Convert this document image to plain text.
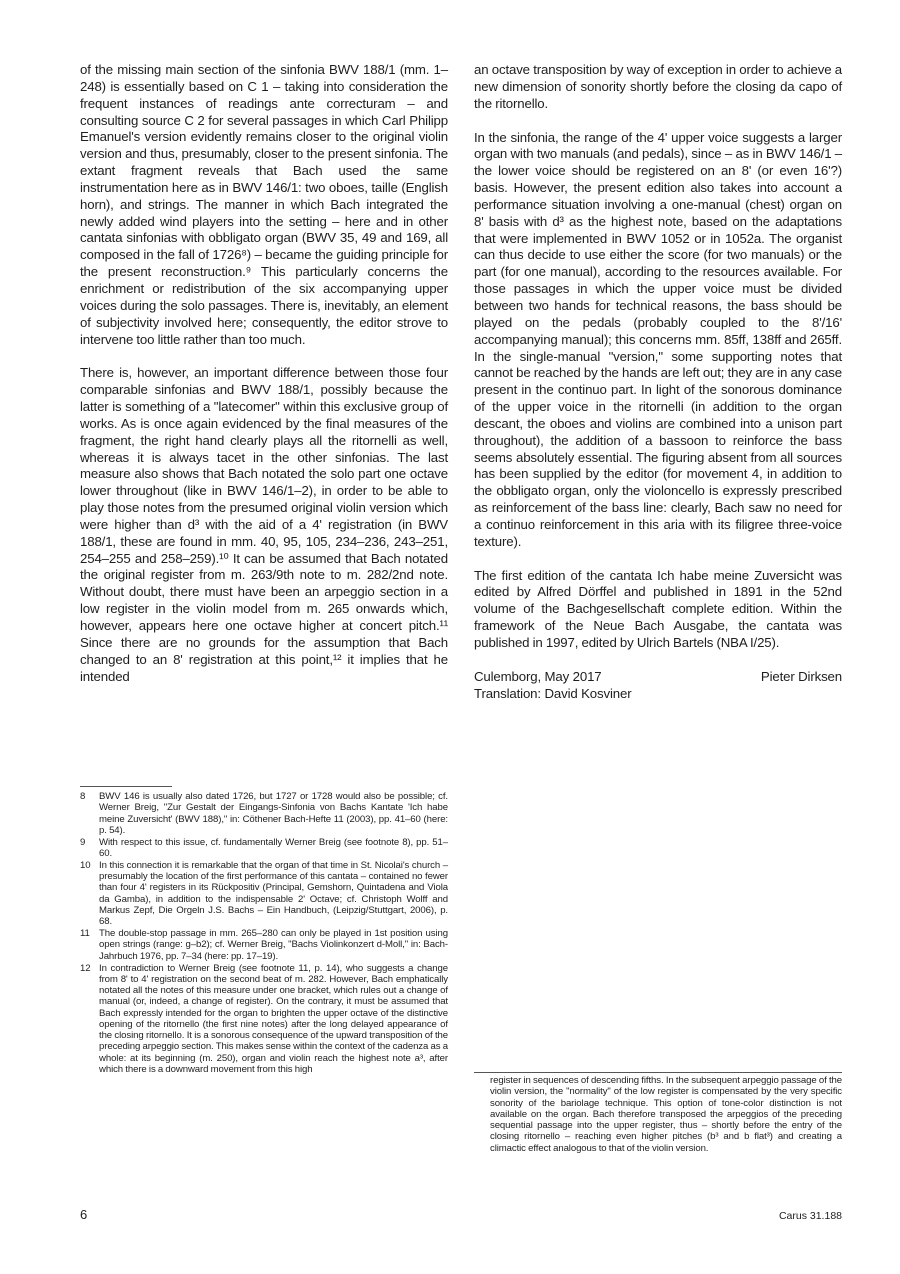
of the missing main section of the sinfonia BWV 188/1 (mm. 1–248) is essentially based on C 1 – taking into consideration the frequent instances of readings ante correcturam – and consulting source C 2 for several passages in which Carl Philipp Emanuel's version evidently remains closer to the original violin version and thus, presumably, closer to the present sinfonia. The extant fragment reveals that Bach used the same instrumentation here as in BWV 146/1: two oboes, taille (English horn), and strings. The manner in which Bach integrated the newly added wind players into the setting – here and in other cantata sinfonias with obbligato organ (BWV 35, 49 and 169, all composed in the fall of 1726⁸) – became the guiding principle for the present reconstruction.⁹ This particularly concerns the enrichment or redistribution of the six accompanying upper voices during the solo passages. There is, inevitably, an element of subjectivity involved here; consequently, the editor strove to intervene too little rather than too much.

There is, however, an important difference between those four comparable sinfonias and BWV 188/1, possibly because the latter is something of a "latecomer" within this exclusive group of works. As is once again evidenced by the final measures of the fragment, the right hand clearly plays all the ritornelli as well, whereas it is always tacet in the other sinfonias. The last measure also shows that Bach notated the solo part one octave lower throughout (like in BWV 146/1–2), in order to be able to play those notes from the presumed original violin version which were higher than d³ with the aid of a 4' registration (in BWV 188/1, these are found in mm. 40, 95, 105, 234–236, 243–251, 254–255 and 258–259).¹⁰ It can be assumed that Bach notated the original register from m. 263/9th note to m. 282/2nd note. Without doubt, there must have been an arpeggio section in a low register in the violin model from m. 265 onwards which, however, appears here one octave higher at concert pitch.¹¹ Since there are no grounds for the assumption that Bach changed to an 8' registration at this point,¹² it implies that he intended

an octave transposition by way of exception in order to achieve a new dimension of sonority shortly before the closing da capo of the ritornello.

In the sinfonia, the range of the 4' upper voice suggests a larger organ with two manuals (and pedals), since – as in BWV 146/1 – the lower voice should be registered on an 8' (or even 16'?) basis. However, the present edition also takes into account a performance situation involving a one-manual (chest) organ on 8' basis with d³ as the highest note, based on the adaptations that were implemented in BWV 1052 or in 1052a. The organist can thus decide to use either the score (for two manuals) or the part (for one manual), according to the resources available. For those passages in which the upper voice must be divided between two hands for technical reasons, the bass should be played on the pedals (probably coupled to the 8'/16' accompanying manual); this concerns mm. 85ff, 138ff and 265ff. In the single-manual "version," some supporting notes that cannot be reached by the hands are left out; they are in any case present in the continuo part. In light of the sonorous dominance of the upper voice in the ritornelli (in addition to the organ descant, the oboes and violins are combined into a unison part throughout), the addition of a bassoon to reinforce the bass seems absolutely essential. The figuring absent from all sources has been supplied by the editor (for movement 4, in addition to the obbligato organ, only the violoncello is expressly prescribed as reinforcement of the bass line: clearly, Bach saw no need for a continuo reinforcement in this aria with its filigree three-voice texture).

The first edition of the cantata Ich habe meine Zuversicht was edited by Alfred Dörffel and published in 1891 in the 52nd volume of the Bachgesellschaft complete edition. Within the framework of the Neue Bach Ausgabe, the cantata was published in 1997, edited by Ulrich Bartels (NBA I/25).

Culemborg, May 2017	Pieter Dirksen
Translation: David Kosviner
8	BWV 146 is usually also dated 1726, but 1727 or 1728 would also be possible; cf. Werner Breig, "Zur Gestalt der Eingangs-Sinfonia von Bachs Kantate 'Ich habe meine Zuversicht' (BWV 188)," in: Cöthener Bach-Hefte 11 (2003), pp. 41–60 (here: p. 54).
9	With respect to this issue, cf. fundamentally Werner Breig (see footnote 8), pp. 51–60.
10 In this connection it is remarkable that the organ of that time in St. Nicolai's church – presumably the location of the first performance of this cantata – contained no fewer than four 4' registers in its Rückpositiv (Principal, Gemshorn, Quintadena and Viola da Gamba), in addition to the indispensable 2' Octave; cf. Christoph Wolff and Markus Zepf, Die Orgeln J.S. Bachs – Ein Handbuch, (Leipzig/Stuttgart, 2006), p. 68.
11 The double-stop passage in mm. 265–280 can only be played in 1st position using open strings (range: g–b2); cf. Werner Breig, "Bachs Violinkonzert d-Moll," in: Bach-Jahrbuch 1976, pp. 7–34 (here: pp. 17–19).
12 In contradiction to Werner Breig (see footnote 11, p. 14), who suggests a change from 8' to 4' registration on the second beat of m. 282. However, Bach emphatically notated all the notes of this measure under one bracket, which rules out a change of manual (or, indeed, a change of register). On the contrary, it must be assumed that Bach expressly intended for the organ to brighten the upper octave of the distinctive opening of the ritornello (the first nine notes) after the long delayed appearance of the closing ritornello. It is a sonorous consequence of the upward transposition of the preceding arpeggio section. This makes sense within the context of the cadenza as a whole: at its beginning (m. 250), organ and violin reach the highest note a³, after which there is a downward movement from this high
register in sequences of descending fifths. In the subsequent arpeggio passage of the violin version, the "normality" of the low register is compensated by the very specific sonority of the bariolage technique. This option of tone-color distinction is not available on the organ. Bach therefore transposed the arpeggios of the preceding sequential passage into the upper register, thus – shortly before the entry of the closing ritornello – reaching even higher pitches (b³ and b flat³) and creating a climactic effect analogous to that of the violin version.
6	Carus 31.188
